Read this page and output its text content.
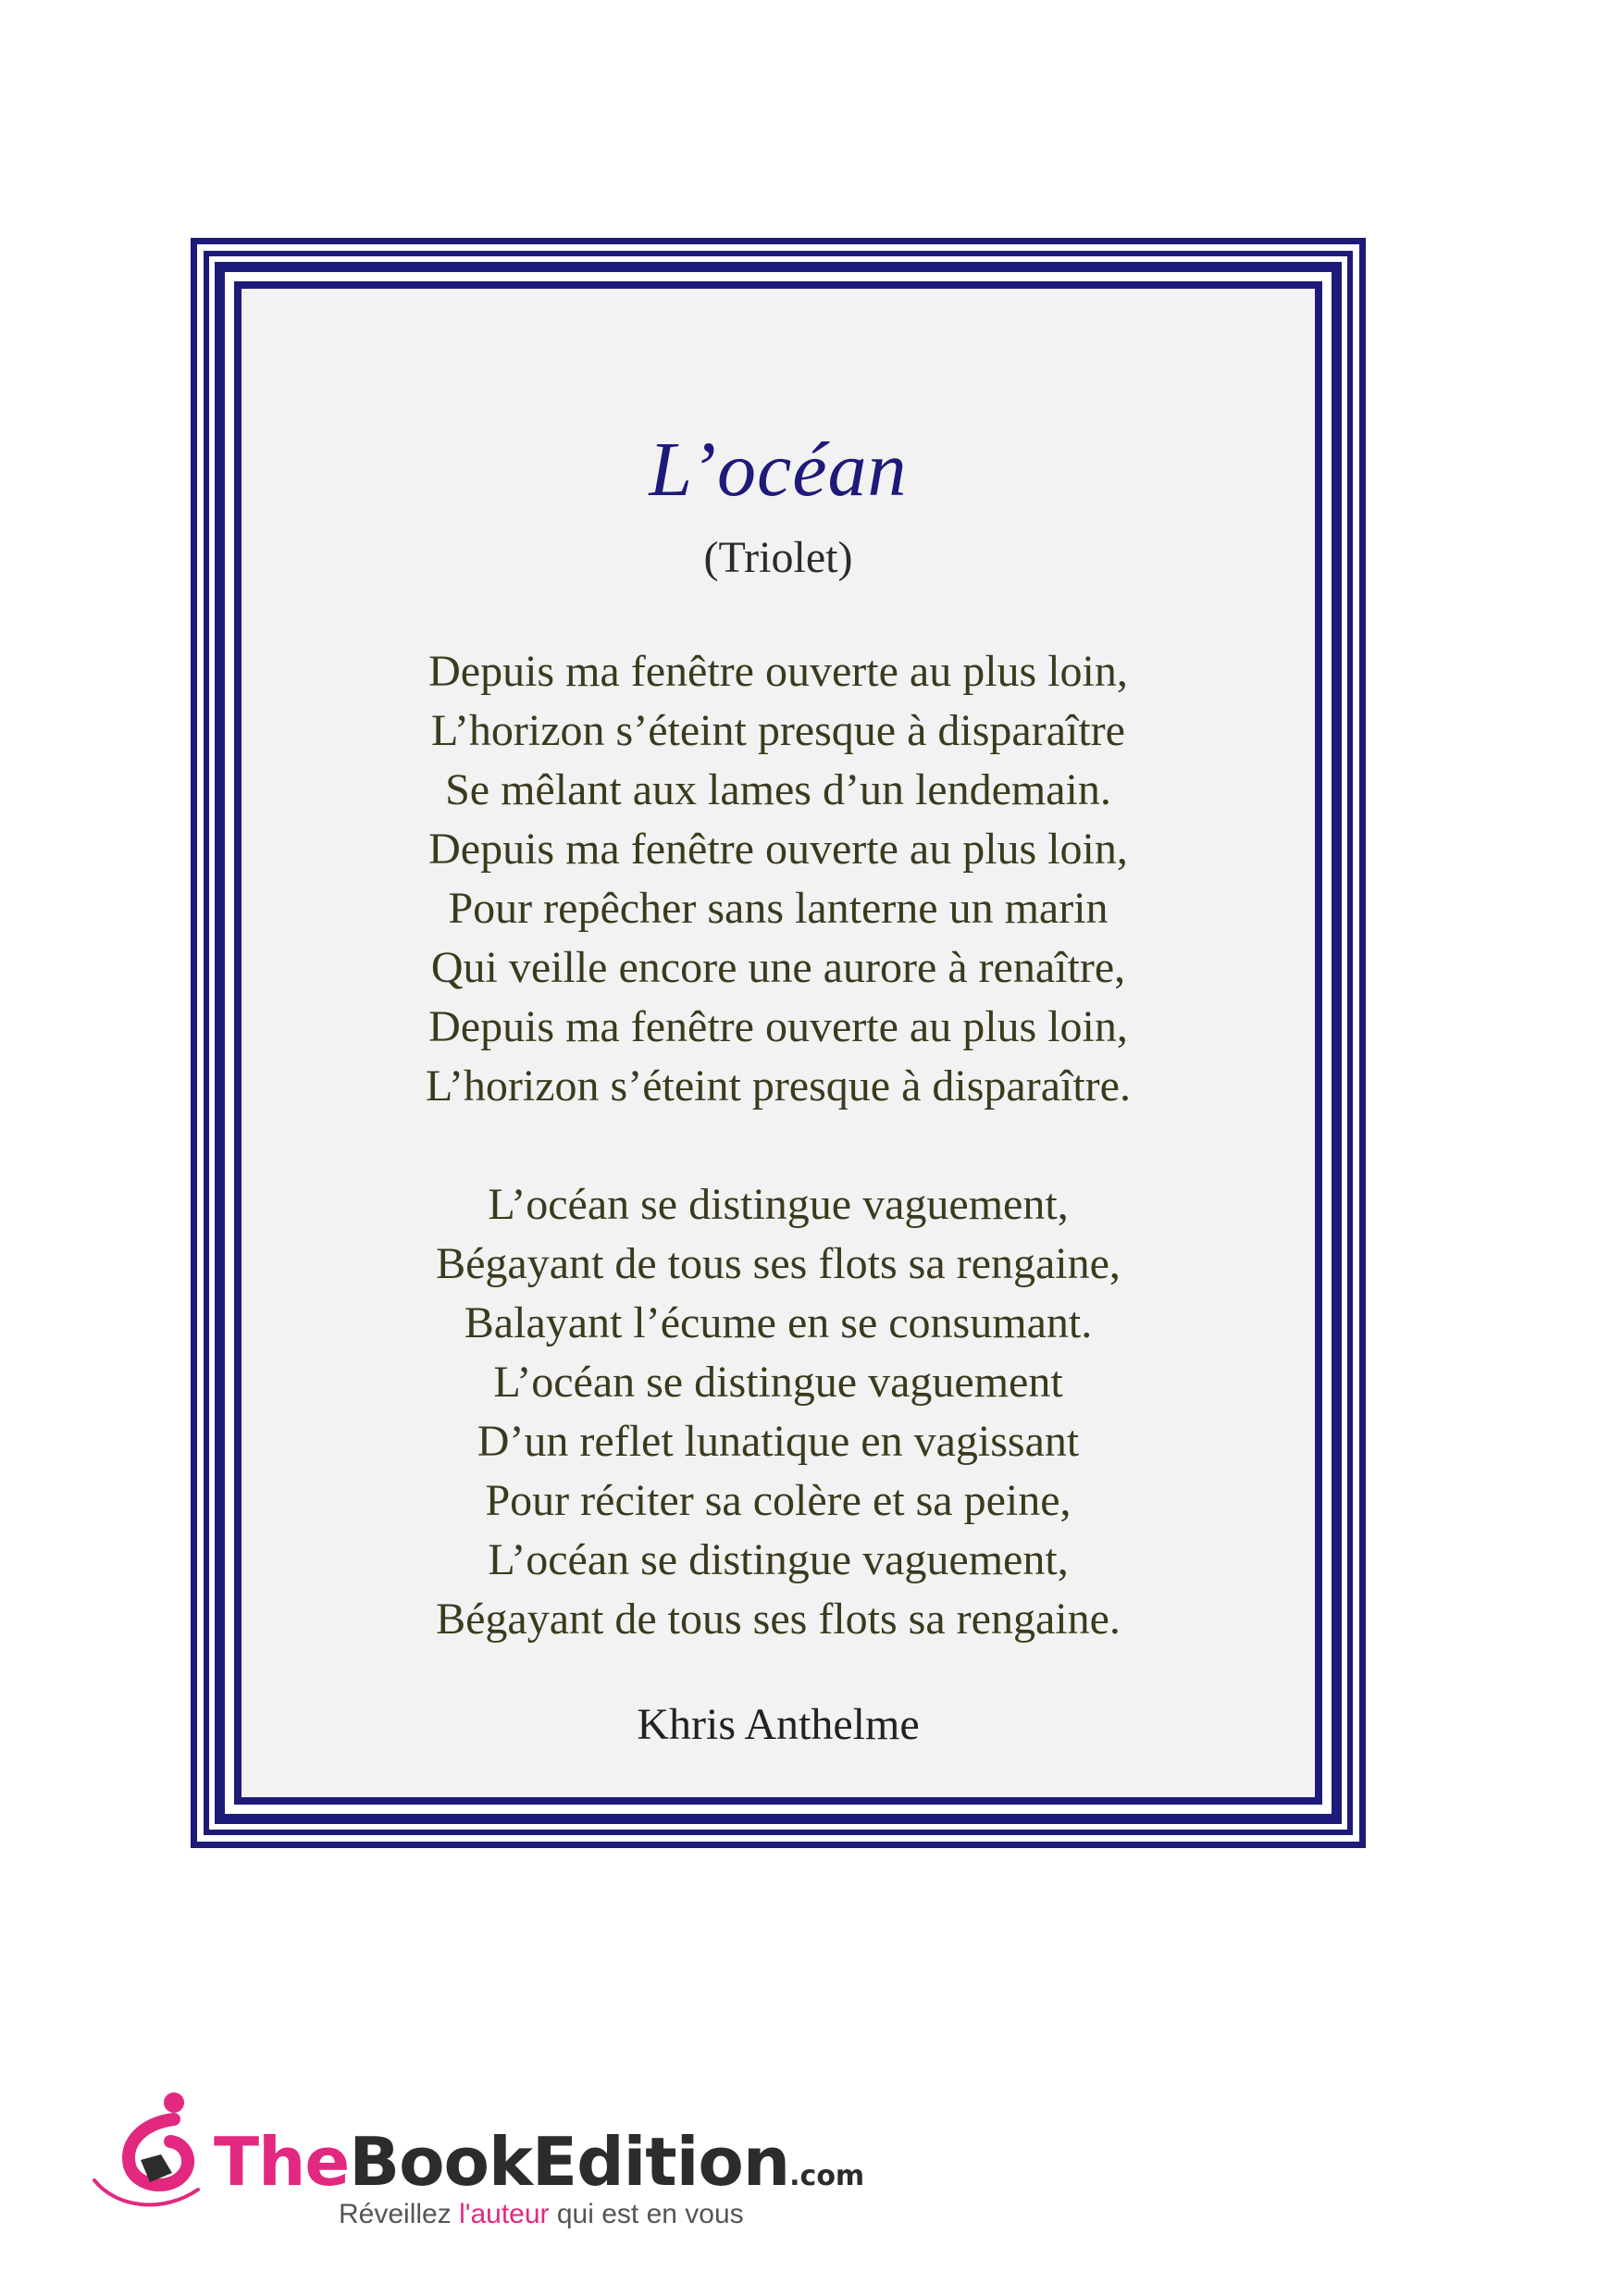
L’océan
(Triolet)
Depuis ma fenêtre ouverte au plus loin,
L’horizon s’éteint presque à disparaître
Se mêlant aux lames d’un lendemain.
Depuis ma fenêtre ouverte au plus loin,
Pour repêcher sans lanterne un marin
Qui veille encore une aurore à renaître,
Depuis ma fenêtre ouverte au plus loin,
L’horizon s’éteint presque à disparaître.
L’océan se distingue vaguement,
Bégayant de tous ses flots sa rengaine,
Balayant l’écume en se consumant.
L’océan se distingue vaguement
D’un reflet lunatique en vagissant
Pour réciter sa colère et sa peine,
L’océan se distingue vaguement,
Bégayant de tous ses flots sa rengaine.
Khris Anthelme
TheBookEdition.com
Réveillez l'auteur qui est en vous
